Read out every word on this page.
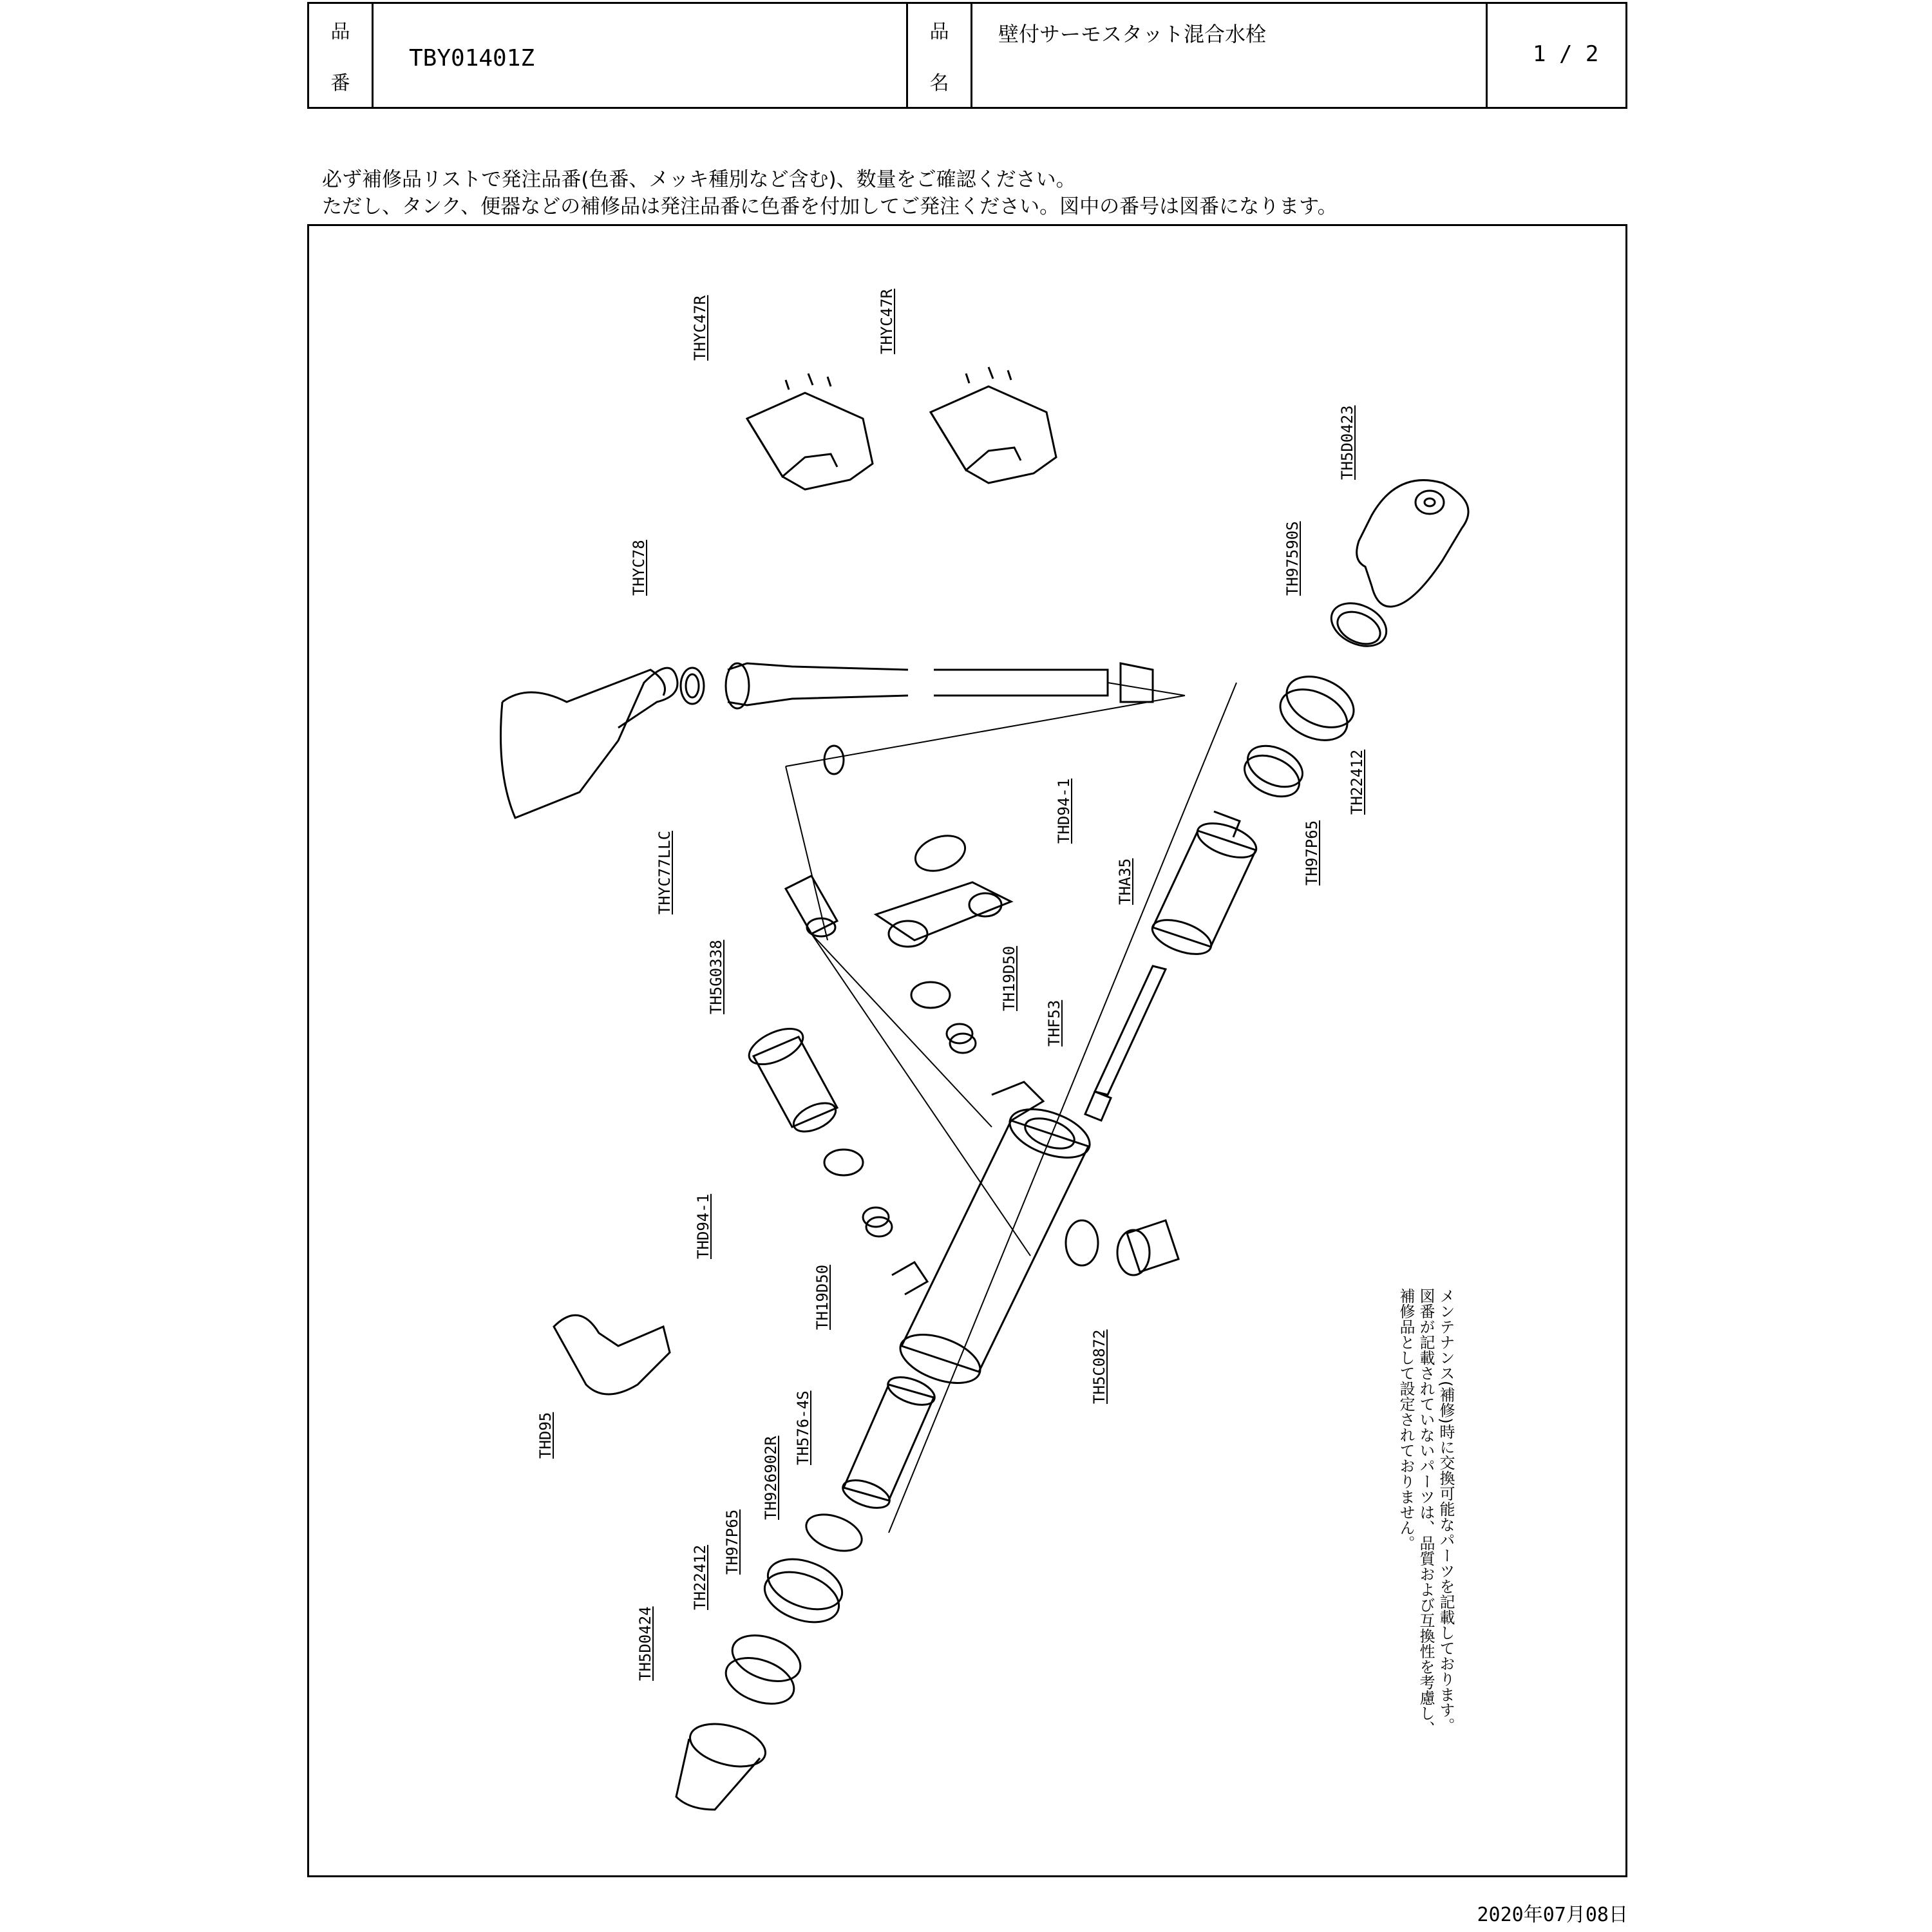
品
番
TBY01401Z
品
名
壁付サーモスタット混合水栓
1 / 2
必ず補修品リストで発注品番(色番、メッキ種別など含む)、数量をご確認ください。
ただし、タンク、便器などの補修品は発注品番に色番を付加してご発注ください。図中の番号は図番になります。
THYC47R	THYC47R
TH5D0423
TH97590S
THYC78
TH22412
TH97P65
THYC77LLC
THD94-1
THA35
TH5G0338	TH19D50
THF53
THD94-1
TH19D50
TH5C0872
THD95	TH576-4S
TH926902R
TH97P65
TH22412
TH5D0424	メンテナンス(補修)時に交換可能なパーツを記載しております。
図番が記載されていないパーツは、品質および互換性を考慮し、
補修品として設定されておりません。
2020年07月08日
